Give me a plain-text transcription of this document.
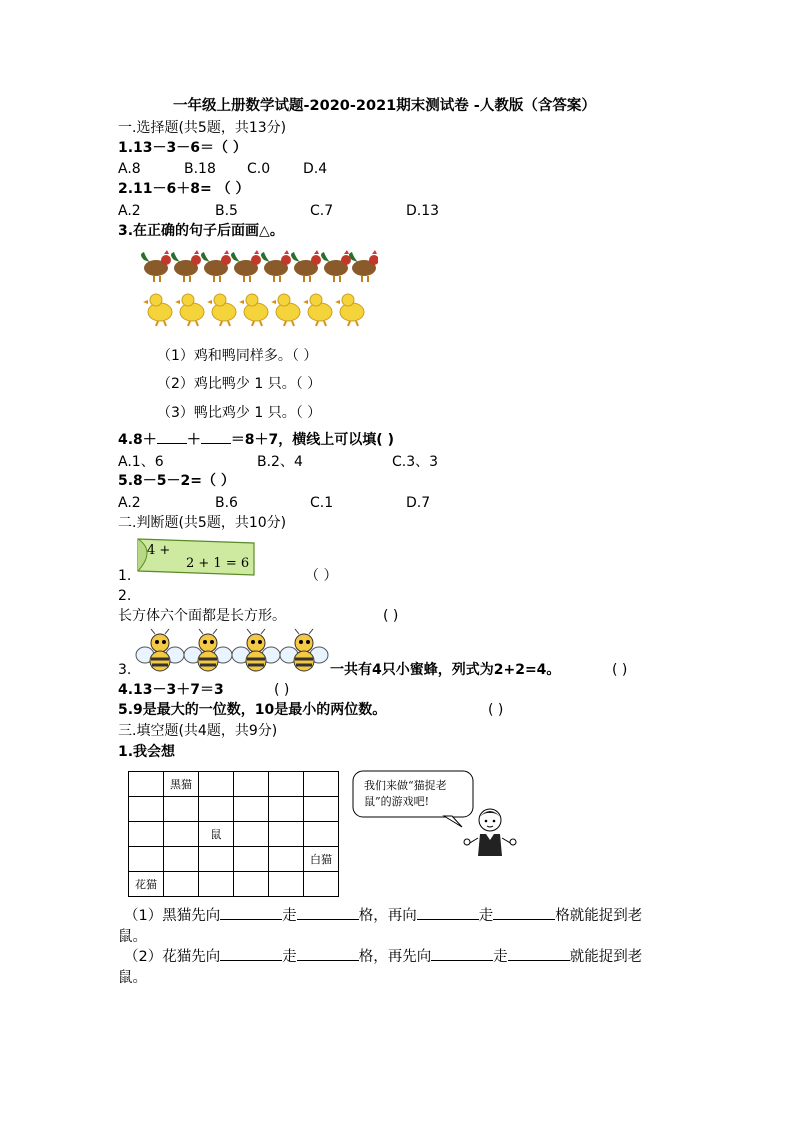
一年级上册数学试题-2020-2021期末测试卷 -人教版（含答案）
一.选择题(共5题，共13分)
1.13－3－6＝（ ）
A.8	B.18 C.0 D.4
2.11－6＋8= （ ）
A.2	B.5	C.7	D.13
3.在正确的句子后面画△。
（1）鸡和鸭同样多。（ ）
（2）鸡比鸭少 1 只。（ ）
（3）鸭比鸡少 1 只。（ ）
4.8＋ ＋ ＝8＋7，横线上可以填( )
A.1、6	B.2、4	C.3、3
5.8－5－2=（ ）
A.2	B.6	C.1	D.7
二.判断题(共5题，共10分)
4 +
2 + 1 = 6
1.	（ ）
2.
长方体六个面都是长方形。	( )
3.	一共有4只小蜜蜂，列式为2+2=4。	( )
4.13－3＋7＝3	( )
5.9是最大的一位数，10是最小的两位数。	( )
三.填空题(共4题，共9分)
1.我会想
	黑猫				

		鼠			
					白猫
花猫					
我们来做“猫捉老鼠”的游戏吧!
（1）黑猫先向	走	格，再向	走	格就能捉到老
鼠。
（2）花猫先向	走	格，再先向	走	就能捉到老
鼠。
